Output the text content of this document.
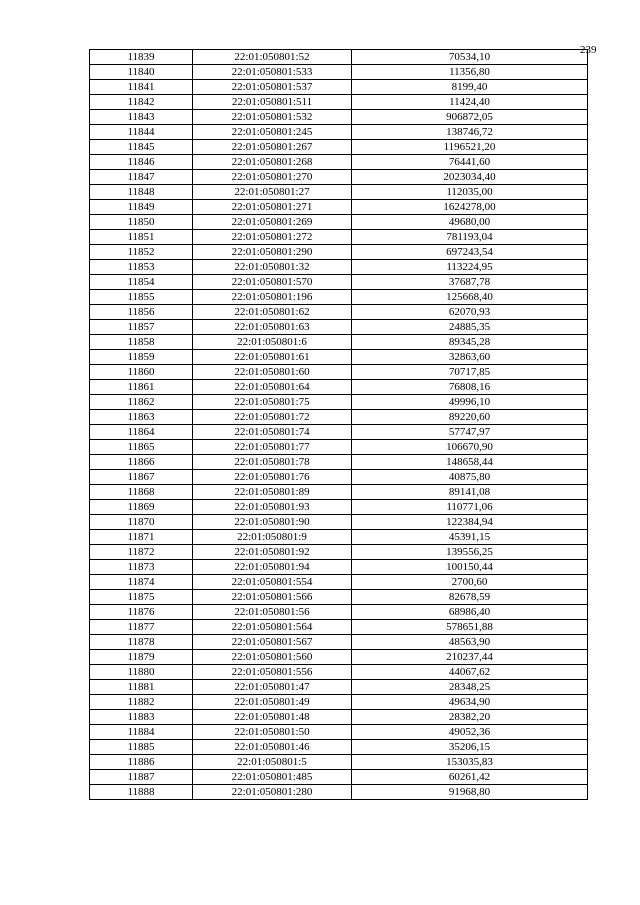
239
11839	22:01:050801:52	70534,10
11840	22:01:050801:533	11356,80
11841	22:01:050801:537	8199,40
11842	22:01:050801:511	11424,40
11843	22:01:050801:532	906872,05
11844	22:01:050801:245	138746,72
11845	22:01:050801:267	1196521,20
11846	22:01:050801:268	76441,60
11847	22:01:050801:270	2023034,40
11848	22:01:050801:27	112035,00
11849	22:01:050801:271	1624278,00
11850	22:01:050801:269	49680,00
11851	22:01:050801:272	781193,04
11852	22:01:050801:290	697243,54
11853	22:01:050801:32	113224,95
11854	22:01:050801:570	37687,78
11855	22:01:050801:196	125668,40
11856	22:01:050801:62	62070,93
11857	22:01:050801:63	24885,35
11858	22:01:050801:6	89345,28
11859	22:01:050801:61	32863,60
11860	22:01:050801:60	70717,85
11861	22:01:050801:64	76808,16
11862	22:01:050801:75	49996,10
11863	22:01:050801:72	89220,60
11864	22:01:050801:74	57747,97
11865	22:01:050801:77	106670,90
11866	22:01:050801:78	148658,44
11867	22:01:050801:76	40875,80
11868	22:01:050801:89	89141,08
11869	22:01:050801:93	110771,06
11870	22:01:050801:90	122384,94
11871	22:01:050801:9	45391,15
11872	22:01:050801:92	139556,25
11873	22:01:050801:94	100150,44
11874	22:01:050801:554	2700,60
11875	22:01:050801:566	82678,59
11876	22:01:050801:56	68986,40
11877	22:01:050801:564	578651,88
11878	22:01:050801:567	48563,90
11879	22:01:050801:560	210237,44
11880	22:01:050801:556	44067,62
11881	22:01:050801:47	28348,25
11882	22:01:050801:49	49634,90
11883	22:01:050801:48	28382,20
11884	22:01:050801:50	49052,36
11885	22:01:050801:46	35206,15
11886	22:01:050801:5	153035,83
11887	22:01:050801:485	60261,42
11888	22:01:050801:280	91968,80
